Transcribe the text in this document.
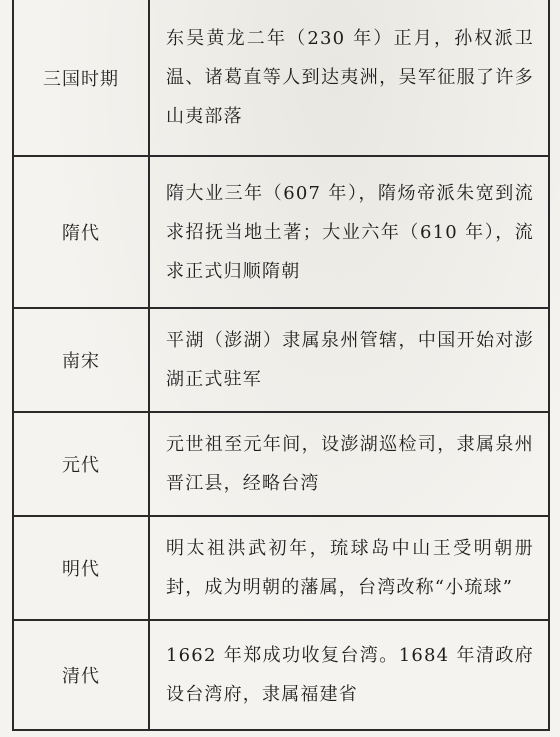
三国时期	东吴黄龙二年（230 年）正月，孙权派卫温、诸葛直等人到达夷洲，吴军征服了许多山夷部落
隋代	隋大业三年（607 年），隋炀帝派朱宽到流求招抚当地土著；大业六年（610 年），流求正式归顺隋朝
南宋	平湖（澎湖）隶属泉州管辖，中国开始对澎湖正式驻军
元代	元世祖至元年间，设澎湖巡检司，隶属泉州晋江县，经略台湾
明代	明太祖洪武初年，琉球岛中山王受明朝册封，成为明朝的藩属，台湾改称“小琉球”
清代	1662 年郑成功收复台湾。1684 年清政府设台湾府，隶属福建省
